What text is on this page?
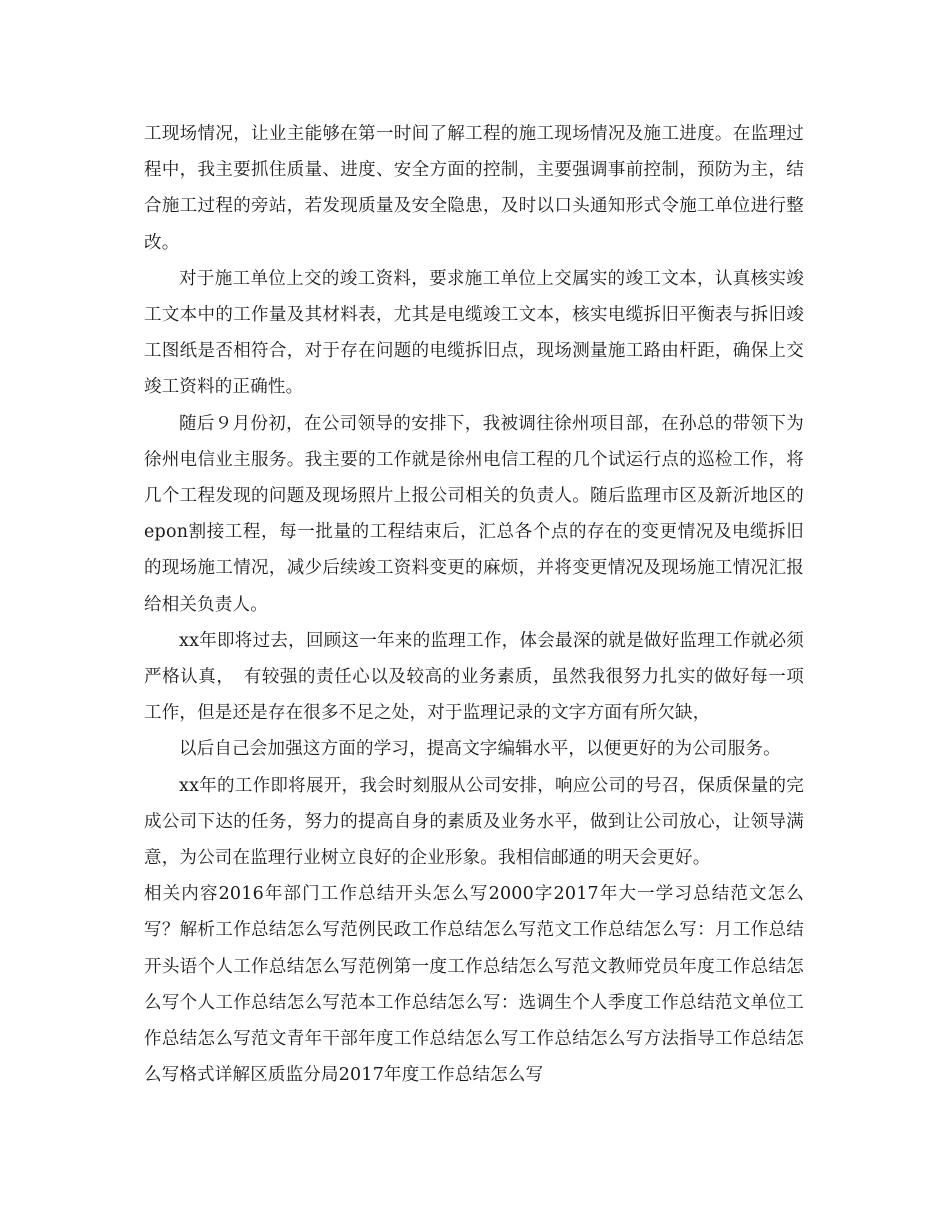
工现场情况，让业主能够在第一时间了解工程的施工现场情况及施工进度。在监理过程中，我主要抓住质量、进度、安全方面的控制，主要强调事前控制，预防为主，结合施工过程的旁站，若发现质量及安全隐患，及时以口头通知形式令施工单位进行整改。

对于施工单位上交的竣工资料，要求施工单位上交属实的竣工文本，认真核实竣工文本中的工作量及其材料表，尤其是电缆竣工文本，核实电缆拆旧平衡表与拆旧竣工图纸是否相符合，对于存在问题的电缆拆旧点，现场测量施工路由杆距，确保上交竣工资料的正确性。

随后９月份初，在公司领导的安排下，我被调往徐州项目部，在孙总的带领下为徐州电信业主服务。我主要的工作就是徐州电信工程的几个试运行点的巡检工作，将几个工程发现的问题及现场照片上报公司相关的负责人。随后监理市区及新沂地区的epon割接工程，每一批量的工程结束后，汇总各个点的存在的变更情况及电缆拆旧的现场施工情况，减少后续竣工资料变更的麻烦，并将变更情况及现场施工情况汇报给相关负责人。

xx年即将过去，回顾这一年来的监理工作，体会最深的就是做好监理工作就必须严格认真，　有较强的责任心以及较高的业务素质，虽然我很努力扎实的做好每一项工作，但是还是存在很多不足之处，对于监理记录的文字方面有所欠缺，

以后自己会加强这方面的学习，提高文字编辑水平，以便更好的为公司服务。

xx年的工作即将展开，我会时刻服从公司安排，响应公司的号召，保质保量的完成公司下达的任务，努力的提高自身的素质及业务水平，做到让公司放心，让领导满意，为公司在监理行业树立良好的企业形象。我相信邮通的明天会更好。

相关内容2016年部门工作总结开头怎么写2000字2017年大一学习总结范文怎么写？解析工作总结怎么写范例民政工作总结怎么写范文工作总结怎么写：月工作总结开头语个人工作总结怎么写范例第一度工作总结怎么写范文教师党员年度工作总结怎么写个人工作总结怎么写范本工作总结怎么写：选调生个人季度工作总结范文单位工作总结怎么写范文青年干部年度工作总结怎么写工作总结怎么写方法指导工作总结怎么写格式详解区质监分局2017年度工作总结怎么写
